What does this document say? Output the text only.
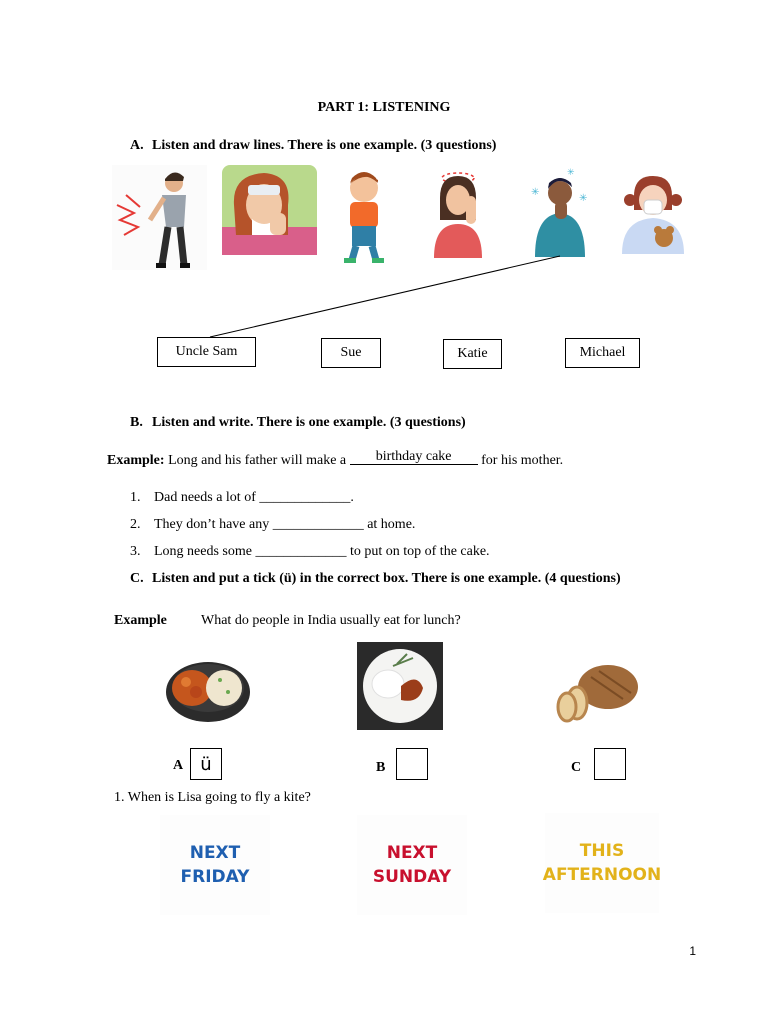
PART 1: LISTENING
A. Listen and draw lines. There is one example. (3 questions)
✳
✳
✳
Uncle Sam	Sue	Katie	Michael
B. Listen and write. There is one example. (3 questions)
Example: Long and his father will make a birthday cake for his mother.
1. Dad needs a lot of _____________.
2. They don’t have any _____________ at home.
3. Long needs some _____________ to put on top of the cake.
C. Listen and put a tick (ü) in the correct box. There is one example. (4 questions)
Example What do people in India usually eat for lunch?
A ü	B	C
1. When is Lisa going to fly a kite?
NEXT
FRIDAY
NEXT
SUNDAY
THIS
AFTERNOON
1
